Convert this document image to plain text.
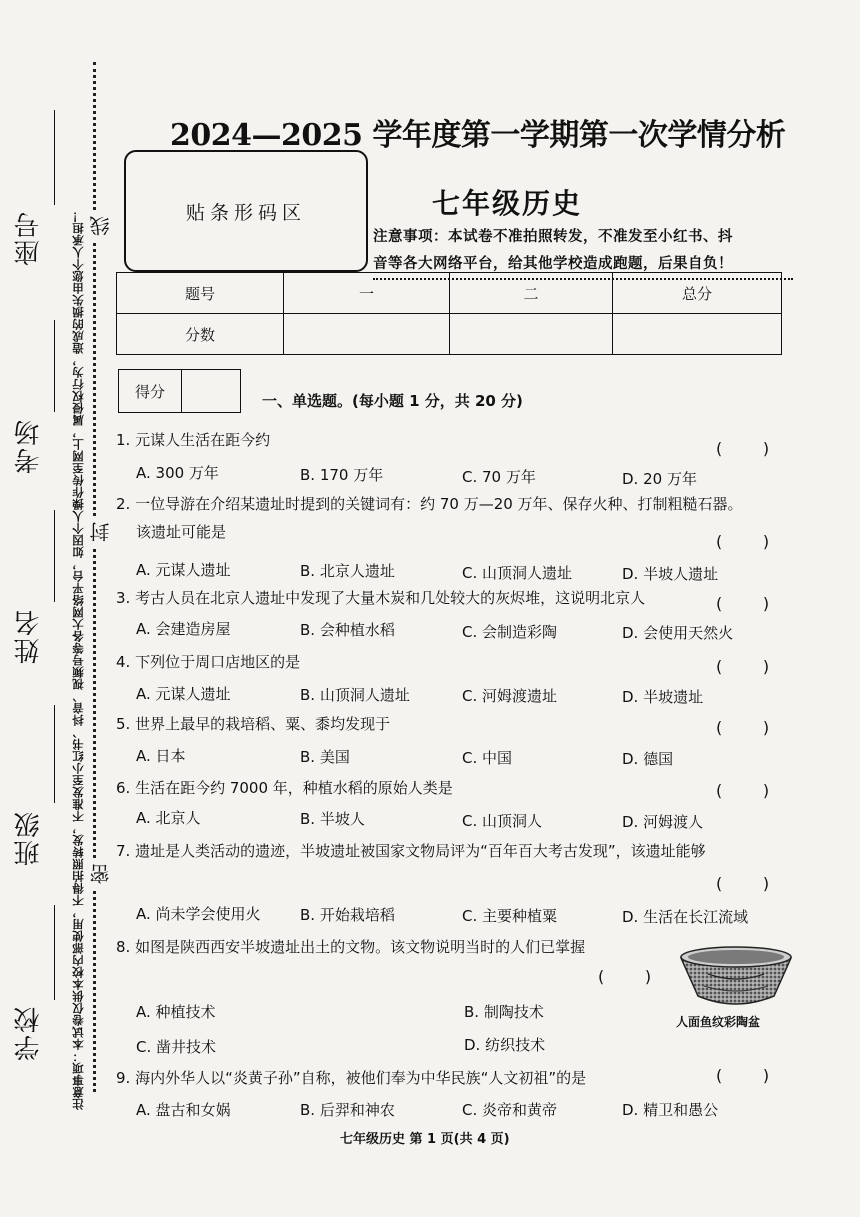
注意事项：本试卷仅供本校内部使用，不得拍照转发，不准发至小红书、抖音、视频号等各大网络平台，如因个人操作传至网上，属侵权行为，造成的损失由您个人承担！
座号
考场
姓名
班级
学校
线
封
密
2024—2025 学年度第一学期第一次学情分析
贴条形码区	七年级历史
注意事项：本试卷不准拍照转发，不准发至小红书、抖
音等各大网络平台，给其他学校造成跑题，后果自负！
题号	一	二	总分
分数			
得分	
一、单选题。(每小题 1 分，共 20 分)
1. 元谋人生活在距今约	(        )
A. 300 万年	B. 170 万年	C. 70 万年	D. 20 万年
2. 一位导游在介绍某遗址时提到的关键词有：约 70 万—20 万年、保存火种、打制粗糙石器。
该遗址可能是	(        )
A. 元谋人遗址	B. 北京人遗址	C. 山顶洞人遗址	D. 半坡人遗址
3. 考古人员在北京人遗址中发现了大量木炭和几处较大的灰烬堆，这说明北京人	(        )
A. 会建造房屋	B. 会种植水稻	C. 会制造彩陶	D. 会使用天然火
4. 下列位于周口店地区的是	(        )
A. 元谋人遗址	B. 山顶洞人遗址	C. 河姆渡遗址	D. 半坡遗址
5. 世界上最早的栽培稻、粟、黍均发现于	(        )
A. 日本	B. 美国	C. 中国	D. 德国
6. 生活在距今约 7000 年，种植水稻的原始人类是	(        )
A. 北京人	B. 半坡人	C. 山顶洞人	D. 河姆渡人
7. 遗址是人类活动的遗迹，半坡遗址被国家文物局评为“百年百大考古发现”，该遗址能够
(        )
A. 尚未学会使用火	B. 开始栽培稻	C. 主要种植粟	D. 生活在长江流域
8. 如图是陕西西安半坡遗址出土的文物。该文物说明当时的人们已掌握
(        )
A. 种植技术	B. 制陶技术
C. 凿井技术	D. 纺织技术
人面鱼纹彩陶盆
9. 海内外华人以“炎黄子孙”自称，被他们奉为中华民族“人文初祖”的是	(        )
A. 盘古和女娲	B. 后羿和神农	C. 炎帝和黄帝	D. 精卫和愚公
七年级历史 第 1 页(共 4 页)
